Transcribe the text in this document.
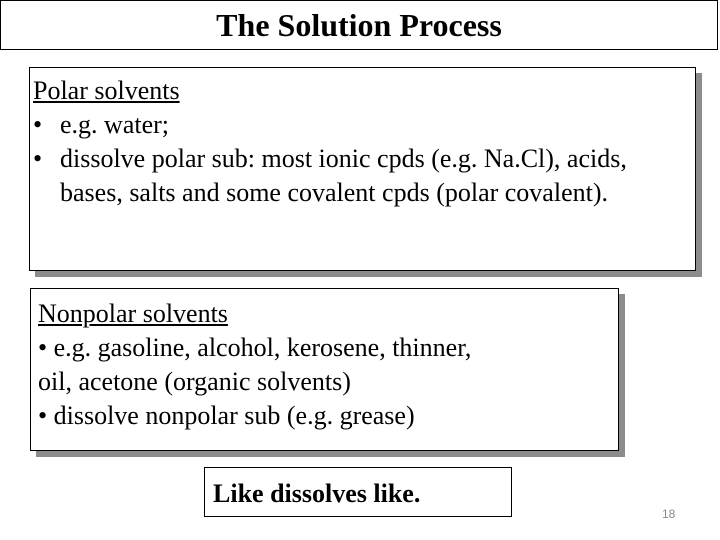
The Solution Process
Polar solvents
• e.g. water;
• dissolve polar sub: most ionic cpds (e.g. Na.Cl), acids, bases, salts and some covalent cpds (polar covalent).
Nonpolar solvents
• e.g. gasoline, alcohol, kerosene, thinner,
oil, acetone (organic solvents)
• dissolve nonpolar sub (e.g. grease)
Like dissolves like.
18
